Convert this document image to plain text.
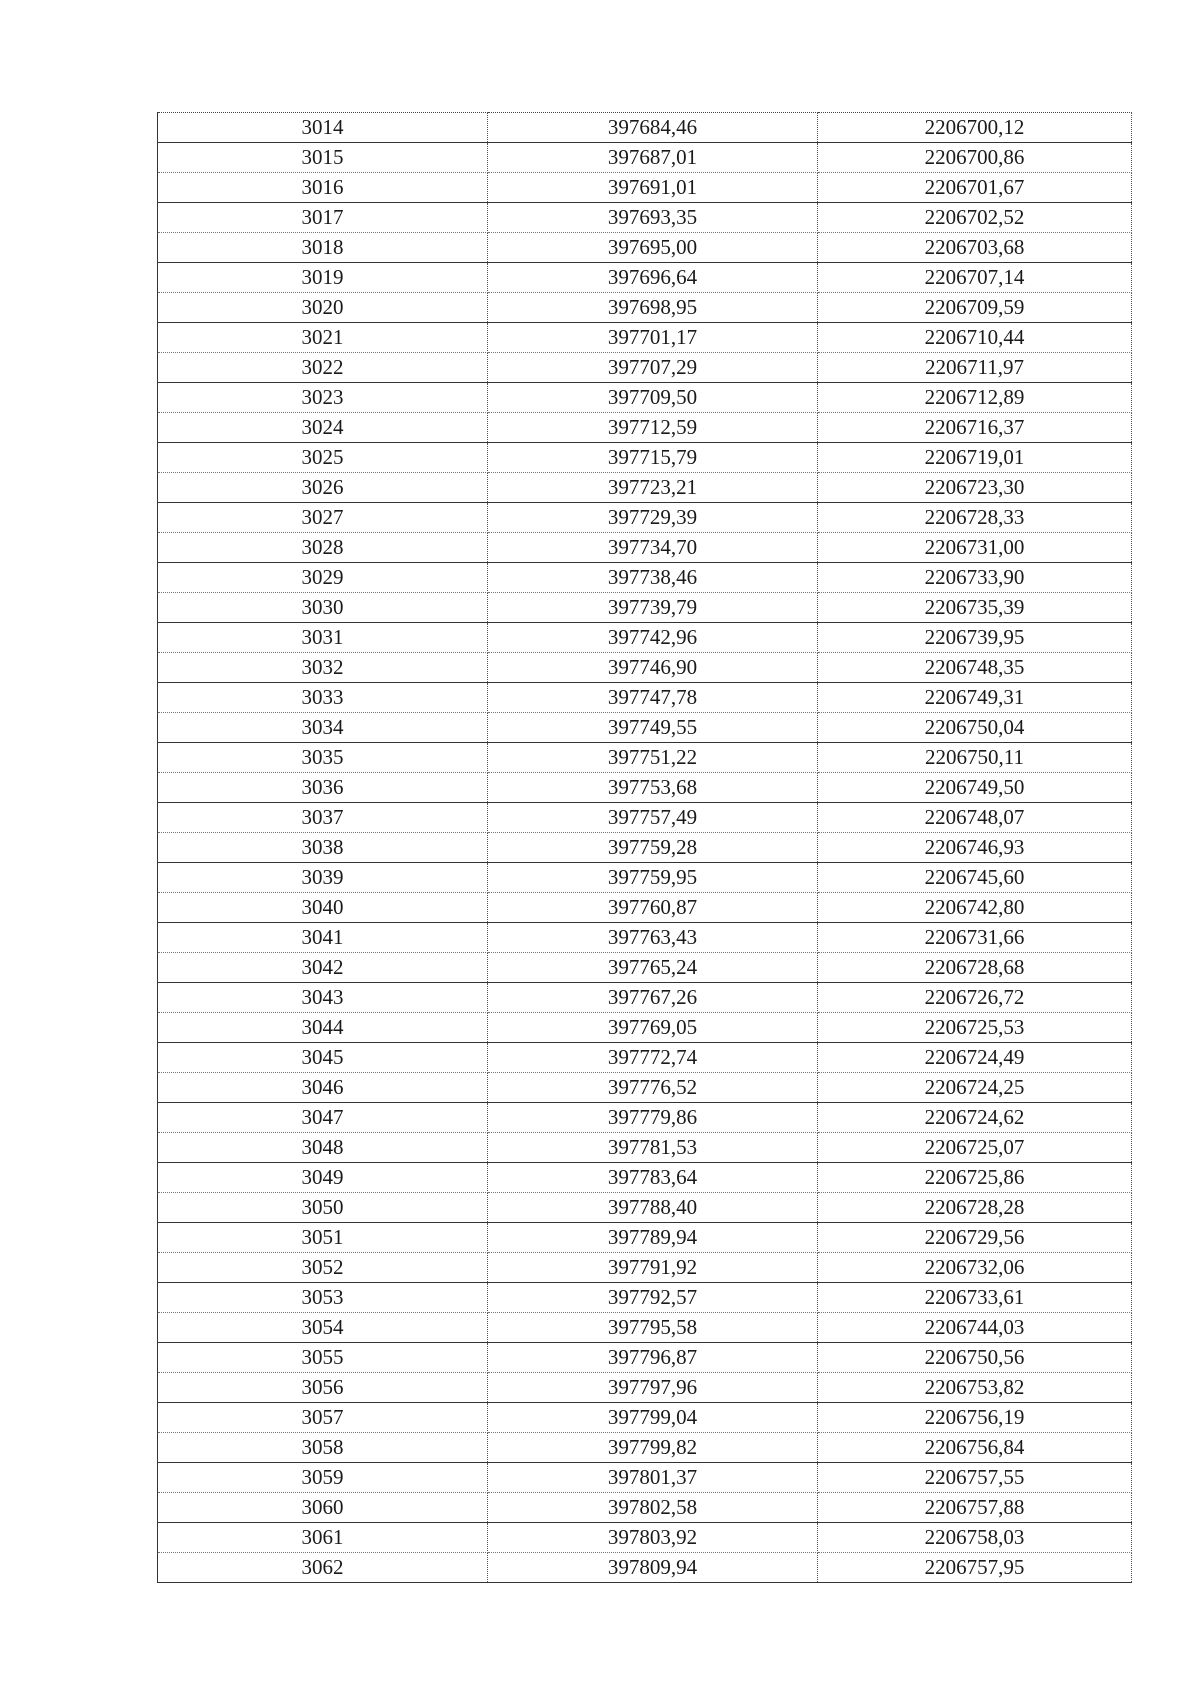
3014	397684,46	2206700,12
3015	397687,01	2206700,86
3016	397691,01	2206701,67
3017	397693,35	2206702,52
3018	397695,00	2206703,68
3019	397696,64	2206707,14
3020	397698,95	2206709,59
3021	397701,17	2206710,44
3022	397707,29	2206711,97
3023	397709,50	2206712,89
3024	397712,59	2206716,37
3025	397715,79	2206719,01
3026	397723,21	2206723,30
3027	397729,39	2206728,33
3028	397734,70	2206731,00
3029	397738,46	2206733,90
3030	397739,79	2206735,39
3031	397742,96	2206739,95
3032	397746,90	2206748,35
3033	397747,78	2206749,31
3034	397749,55	2206750,04
3035	397751,22	2206750,11
3036	397753,68	2206749,50
3037	397757,49	2206748,07
3038	397759,28	2206746,93
3039	397759,95	2206745,60
3040	397760,87	2206742,80
3041	397763,43	2206731,66
3042	397765,24	2206728,68
3043	397767,26	2206726,72
3044	397769,05	2206725,53
3045	397772,74	2206724,49
3046	397776,52	2206724,25
3047	397779,86	2206724,62
3048	397781,53	2206725,07
3049	397783,64	2206725,86
3050	397788,40	2206728,28
3051	397789,94	2206729,56
3052	397791,92	2206732,06
3053	397792,57	2206733,61
3054	397795,58	2206744,03
3055	397796,87	2206750,56
3056	397797,96	2206753,82
3057	397799,04	2206756,19
3058	397799,82	2206756,84
3059	397801,37	2206757,55
3060	397802,58	2206757,88
3061	397803,92	2206758,03
3062	397809,94	2206757,95
